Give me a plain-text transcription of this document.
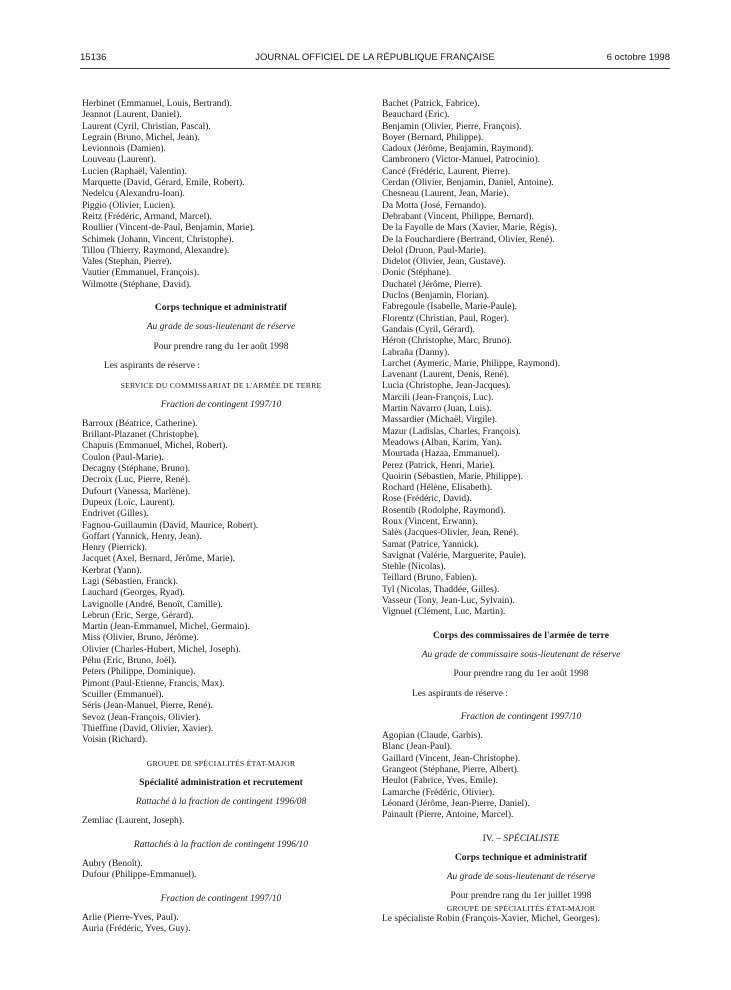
15136	JOURNAL OFFICIEL DE LA RÉPUBLIQUE FRANÇAISE	6 octobre 1998
Herbinet (Emmanuel, Louis, Bertrand).
Jeannot (Laurent, Daniel).
Laurent (Cyril, Christian, Pascal).
Legrain (Bruno, Michel, Jean).
Levionnois (Damien).
Louveau (Laurent).
Lucien (Raphaël, Valentin).
Marquette (David, Gérard, Emile, Robert).
Nedelcu (Alexandru-Ioan).
Piggio (Olivier, Lucien).
Reitz (Frédéric, Armand, Marcel).
Roullier (Vincent-de-Paul, Benjamin, Marie).
Schimek (Johann, Vincent, Christophe).
Tillou (Thierry, Raymond, Alexandre).
Vales (Stephan, Pierre).
Vautier (Emmanuel, François).
Wilmotte (Stéphane, David).
Corps technique et administratif
Au grade de sous-lieutenant de réserve
Pour prendre rang du 1er août 1998
Les aspirants de réserve :
SERVICE DU COMMISSARIAT DE L'ARMÉE DE TERRE
Fraction de contingent 1997/10
Barroux (Béatrice, Catherine).
Brillant-Plazanet (Christophe).
Chapuis (Emmanuel, Michel, Robert).
Coulon (Paul-Marie).
Decagny (Stéphane, Bruno).
Decroix (Luc, Pierre, René).
Dufourt (Vanessa, Marlène).
Dupeux (Loïc, Laurent).
Endrivet (Gilles).
Fagnou-Guillaumin (David, Maurice, Robert).
Goffart (Yannick, Henry, Jean).
Henry (Pierrick).
Jacquet (Axel, Bernard, Jérôme, Marie).
Kerbrat (Yann).
Lagi (Sébastien, Franck).
Lauchard (Georges, Ryad).
Lavignolle (André, Benoît, Camille).
Lebrun (Eric, Serge, Gérard).
Martin (Jean-Emmanuel, Michel, Germain).
Miss (Olivier, Bruno, Jérôme).
Olivier (Charles-Hubert, Michel, Joseph).
Péhu (Eric, Bruno, Joël).
Peters (Philippe, Dominique).
Pimont (Paul-Etienne, Francis, Max).
Scuiller (Emmanuel).
Séris (Jean-Manuel, Pierre, René).
Sevoz (Jean-François, Olivier).
Thieffine (David, Olivier, Xavier).
Voisin (Richard).
GROUPE DE SPÉCIALITÉS ÉTAT-MAJOR
Spécialité administration et recrutement
Rattaché à la fraction de contingent 1996/08
Zemliac (Laurent, Joseph).
Rattachés à la fraction de contingent 1996/10
Aubry (Benoît).
Dufour (Philippe-Emmanuel).
Fraction de contingent 1997/10
Arlie (Pierre-Yves, Paul).
Auria (Frédéric, Yves, Guy).
Bachet (Patrick, Fabrice).
Beauchard (Eric).
Benjamin (Olivier, Pierre, François).
Boyer (Bernard, Philippe).
Cadoux (Jérôme, Benjamin, Raymond).
Cambronero (Victor-Manuel, Patrocinio).
Cancé (Frédéric, Laurent, Pierre).
Cerdan (Olivier, Benjamin, Daniel, Antoine).
Chesneau (Laurent, Jean, Marie).
Da Motta (José, Fernando).
Debrabant (Vincent, Philippe, Bernard).
De la Fayolle de Mars (Xavier, Marie, Régis).
De la Fouchardiere (Bertrand, Olivier, René).
Delol (Druon, Paul-Marie).
Didelot (Olivier, Jean, Gustave).
Donic (Stéphane).
Duchatel (Jérôme, Pierre).
Duclos (Benjamin, Florian).
Fabregoule (Isabelle, Marie-Paule).
Florentz (Christian, Paul, Roger).
Gandais (Cyril, Gérard).
Héron (Christophe, Marc, Bruno).
Labraña (Danny).
Larchet (Aymeric, Marie, Philippe, Raymond).
Lavenant (Laurent, Denis, René).
Lucia (Christophe, Jean-Jacques).
Marcili (Jean-François, Luc).
Martin Navarro (Juan, Luis).
Massardier (Michaël, Virgile).
Mazur (Ladislas, Charles, François).
Meadows (Alban, Karim, Yan).
Mourtada (Hazaa, Emmanuel).
Perez (Patrick, Henri, Marie).
Quoirin (Sébastien, Marie, Philippe).
Rochard (Hélène, Elisabeth).
Rose (Frédéric, David).
Rosentib (Rodolphe, Raymond).
Roux (Vincent, Erwann).
Salès (Jacques-Olivier, Jean, René).
Samat (Patrice, Yannick).
Savignat (Valérie, Marguerite, Paule).
Stehle (Nicolas).
Teillard (Bruno, Fabien).
Tyl (Nicolas, Thaddée, Gilles).
Vasseur (Tony, Jean-Luc, Sylvain).
Vignuel (Clément, Luc, Martin).
Corps des commissaires de l'armée de terre
Au grade de commissaire sous-lieutenant de réserve
Pour prendre rang du 1er août 1998
Les aspirants de réserve :
Fraction de contingent 1997/10
Agopian (Claude, Garbis).
Blanc (Jean-Paul).
Gaillard (Vincent, Jean-Christophe).
Grangeot (Stéphane, Pierre, Albert).
Heulot (Fabrice, Yves, Emile).
Lamarche (Frédéric, Olivier).
Léonard (Jérôme, Jean-Pierre, Daniel).
Painault (Pierre, Antoine, Marcel).
IV. – SPÉCIALISTE
Corps technique et administratif
Au grade de sous-lieutenant de réserve
Pour prendre rang du 1er juillet 1998
GROUPE DE SPÉCIALITÉS ÉTAT-MAJOR
Le spécialiste Robin (François-Xavier, Michel, Georges).
